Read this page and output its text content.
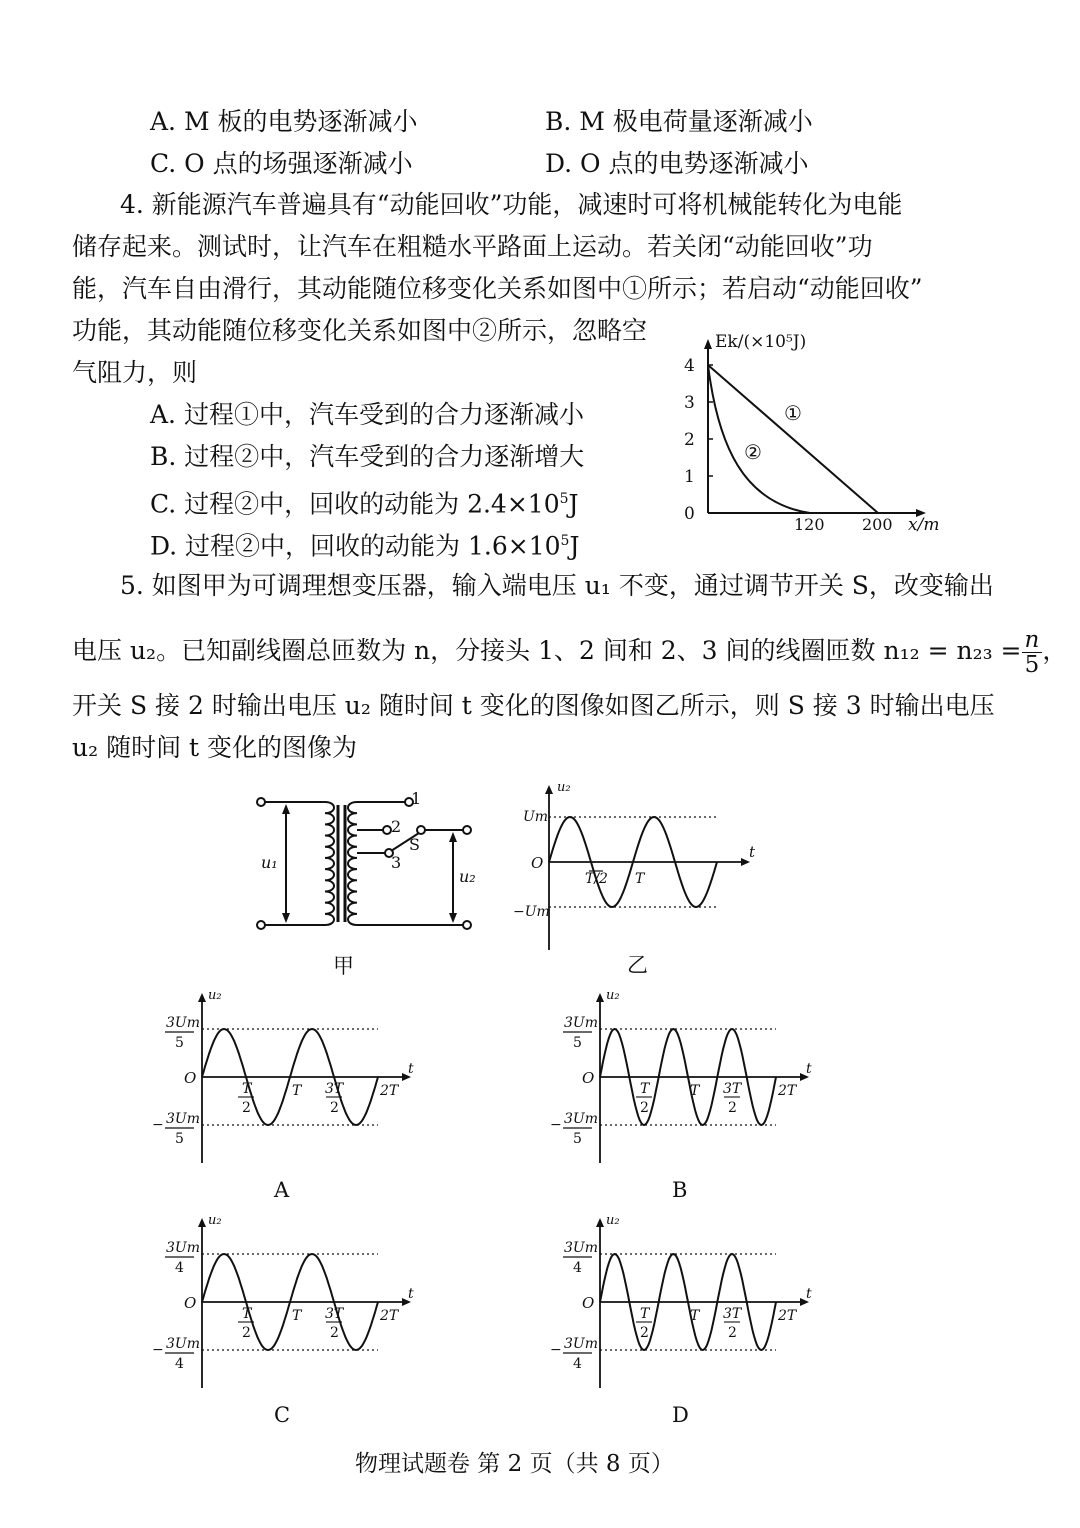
A. M 板的电势逐渐减小	B. M 极电荷量逐渐减小
C. O 点的场强逐渐减小	D. O 点的电势逐渐减小
4. 新能源汽车普遍具有“动能回收”功能，减速时可将机械能转化为电能
储存起来。测试时，让汽车在粗糙水平路面上运动。若关闭“动能回收”功
能，汽车自由滑行，其动能随位移变化关系如图中①所示；若启动“动能回收”
功能，其动能随位移变化关系如图中②所示，忽略空
气阻力，则
A. 过程①中，汽车受到的合力逐渐减小
B. 过程②中，汽车受到的合力逐渐增大
C. 过程②中，回收的动能为 $2.4\times 10^5J$
D. 过程②中，回收的动能为 $1.6\times 10^5J$
Ek/(×10⁵J)
x/m
4
3
2
1
0
120 200
①
②
5. 如图甲为可调理想变压器，输入端电压 u₁ 不变，通过调节开关 S，改变输出
电压 u₂。已知副线圈总匝数为 n，分接头 1、2 间和 2、3 间的线圈匝数 $n_{12} = n_{23} = \frac{n}{5}$ ，
开关 S 接 2 时输出电压 u₂ 随时间 t 变化的图像如图乙所示，则 S 接 3 时输出电压
u₂ 随时间 t 变化的图像为
1
2
3
S
u₁
u₂
甲
u₂
t
O
Um
−Um
T/2 T
乙
u₂
t
O
3Um
5
− 3Um
5
T
2
T 3T
2
2T
A
u₂
t
O
3Um
5
− 3Um
5
T
2
T 3T
2
2T
B
u₂
t
O
3Um
4
− 3Um
4
T
2
T 3T
2
2T
C
u₂
t
O
3Um
4
− 3Um
4
T
2
T 3T
2
2T
D
物理试题卷 第 2 页（共 8 页）
